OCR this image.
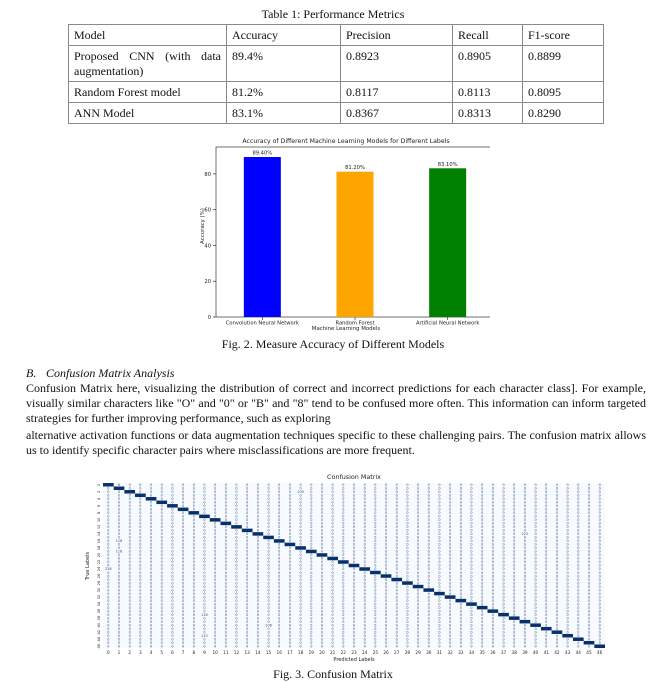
Table 1: Performance Metrics
Model	Accuracy	Precision	Recall	F1-score
Proposed CNN (with data augmentation)	89.4%	0.8923	0.8905	0.8899
Random Forest model	81.2%	0.8117	0.8113	0.8095
ANN Model	83.1%	0.8367	0.8313	0.8290
Accuracy of Different Machine Learning Models for Different Labels
Accuracy (%)
Machine Learning Models
0
20
40
60
80
89.40%
81.20%
83.10%
Convolution Neural Network	Random Forest	Artificial Neural Network
Fig. 2. Measure Accuracy of Different Models
B. Confusion Matrix Analysis
Confusion Matrix here, visualizing the distribution of correct and incorrect predictions for each character class]. For example, visually similar characters like "O" and "0" or "B" and "8" tend to be confused more often. This information can inform targeted strategies for further improving performance, such as exploring
alternative activation functions or data augmentation techniques specific to these challenging pairs. The confusion matrix allows us to identify specific character pairs where misclassifications are more frequent.
Confusion Matrix
True Labels
Predicted Labels
6	0	0	0	0	0	0	0	0	0	0	0	0	0	0	0	0	0	0	0	0	0	0	0	0	0	0	0	0	0	0	0	0	0	0	0	0	0	0	0	0	0	0	0	0	0
0	0	0	0	0	0	0	0	0	0	0	0	0	0	0	0	0	0	0	0	0	0	0	0	0	0	0	0	0	0	0	0	0	0	0	0	0	0	0	0	0	0	0	0	0	0
0	0	0	0	0	0	0	0	0	0	0	0	0	0	0	0	0 109 0	0	0	0	0	0	0	0	0	0	0	0	0	0	0	0	0	0	0	0	0	0	0	0	0	0	0	0
0	0	0	0	0	0	0	0	0	0	0	0	0	0	0	0	0	0	0	0	0	0	0	0	0	0	0	0	0	0	0	0	0	0	0	0	0	0	0	0	0	0	0	0	0	0
0	0	0	0	0	0	0	0	0	0	0	0	0	0	0	0	0	0	0	0	0	0	0	0	0	0	0	0	0	0	0	0	0	0	0	0	0	0	0	0	0	0	0	0	0	0
0	0	0	0	0	0	0	0	0	0	0	0	0	0	0	0	0	0	0	0	0	0	0	0	0	0	0	0	0	0	0	0	0	0	0	0	0	0	0	0	0	0	0	0	0	0
0	0	0	0	0	0	0	0	0	0	0	0	0	0	0	0	0	0	0	0	0	0	0	0	0	0	0	0	0	0	0	0	0	0	0	0	0	0	0	0	0	0	0	0	0	0
0	0	0	0	0	0	0	0	0	0	0	0	0	0	0	0	0	0	0	0	0	0	0	0	0	0	0	0	0	0	0	0	0	0	0	0	0	0	0	0	0	0	0	0	0	0
0	0	0	0	0	0	0	0	0	0	0	0	0	0	0	0	0	0	0	0	0	0	0	0	0	0	0	0	0	0	0	0	0	0	0	0	0	0	0	0	0	0	0	0	0	0
0	0	0	0	0	0	0	0	0	0	0	0	0	0	0	0	0	0	0	0	0	0	0	0	0	0	0	0	0	0	0	0	0	0	0	0	0	0	0	0	0	0	0	0	0	0
0	0	0	0	0	0	0	0	0	0	0	0	0	0	0	0	0	0	0	0	0	0	0	0	0	0	0	0	0	0	0	0	0	0	0	0	0	0	0	0	0	0	0	0	0	0
0	0	0	0	0	0	0	0	0	0	0	0	0	0	0	0	0	0	0	0	0	0	0	0	0	0	0	0	0	0	0	0	0	0	0	0	0	0	0	0	0	0	0	0	0	0
0	0	0	0	0	0	0	0	0	0	0	0	0	0	0	0	0	0	0	0	0	0	0	0	0	0	0	0	0	0	0	0	0	0	0	0	0	0	0	0	0	0	0	0	0	0
0	0	0	0	0	0	0	0	0	0	0	0	0	0	0	0	0	0	0	0	0	0	0	0	0	0	0	0	0	0	0	0	0	0	0	0	0	0	0	0	0	0	0	0	0	0
0	0	0	0	0	0	0	0	0	0	0	0	0	0	0	0	0	0	0	0	0	0	0	0	0	0	0	0	0	0	0	0	0	0	0	0	0	0 222 0	0	0	0	0	0	0
0	0	0	0	0	0	0	0	0	0	0	0	0	0	0	0	0	0	0	0	0	0	0	0	0	0	0	0	0	0	0	0	0	0	0	0	0	0	0	0	0	0	0	0	0	0
0 116 0	0	0	0	0	0	0	0	0	0	0	0	0	0	0	0	0	0	0	0	0	0	0	0	0	0	0	0	0	0	0	0	0	0	0	0	0	0	0	0	0	0	0	0
0	0	0	0	0	0	0	0	0	0	0	0	0	0	0	0	0	0	0	0	0	0	0	0	0	0	0	0	0	0	0	0	0	0	0	0	0	0	0	0	0	0	0	0	0	0
0	0	0	0	0	0	0	0	0	0	0	0	0	0	0	0	0	0	0	0	0	0	0	0	0	0	0	0	0	0	0	0	0	0	0	0	0	0	0	0	0	0	0	0	0	0
0 118 0	0	0	0	0	0	0	0	0	0	0	0	0	0	0	0	0	0	0	0	0	0	0	0	0	0	0	0	0	0	0	0	0	0	0	0	0	0	0	0	0	0	0	0
0	0	0	0	0	0	0	0	0	0	0	0	0	0	0	0	0	0	0	0	0	0	0	0	0	0	0	0	0	0	0	0	0	0	0	0	0	0	0	0	0	0	0	0	0	0
0	0	0	0	0	0	0	0	0	0	0	0	0	0	0	0	0	0	0	0	0	0	0	0	0	0	0	0	0	0	0	0	0	0	0	0	0	0	0	0	0	0	0	0	0	0
0	0	0	0	0	0	0	0	0	0	0	0	0	0	0	0	0	0	0	0	0	0	0	0	0	0	0	0	0	0	0	0	0	0	0	0	0	0	0	0	0	0	0	0	0	0
0	0	0	0	0	0	0	0	0	0	0	0	0	0	0	0	0	0	0	0	0	0	0	0	0	0	0	0	0	0	0	0	0	0	0	0	0	0	0	0	0	0	0	0	0	0
226 0	0	0	0	0	0	0	0	0	0	0	0	0	0	0	0	0	0	0	0	0	0	0	0	0	0	0	0	0	0	0	0	0	0	0	0	0	0	0	0	0	0	0	0	0
0	0	0	0	0	0	0	0	0	0	0	0	0	0	0	0	0	0	0	0	0	0	0	0	0	0	0	0	0	0	0	0	0	0	0	0	0	0	0	0	0	0	0	0	0	0
0	0	0	0	0	0	0	0	0	0	0	0	0	0	0	0	0	0	0	0	0	0	0	0	0	0	0	0	0	0	0	0	0	0	0	0	0	0	0	0	0	0	0	0	0	0
0	0	0	0	0	0	0	0	0	0	0	0	0	0	0	0	0	0	0	0	0	0	0	0	0	0	0	0	0	0	0	0	0	0	0	0	0	0	0	0	0	0	0	0	0	0
0	0	0	0	0	0	0	0	0	0	0	0	0	0	0	0	0	0	0	0	0	0	0	0	0	0	0	0	0	0	0	0	0	0	0	0	0	0	0	0	0	0	0	0	0	0
0	0	0	0	0	0	0	0	0	0	0	0	0	0	0	0	0	0	0	0	0	0	0	0	0	0	0	0	0	0	0	0	0	0	0	0	0	0	0	0	0	0	0	0	0	0
0	0	0	0	0	0	0	0	0	0	0	0	0	0	0	0	0	0	0	0	0	0	0	0	0	0	0	0	0	0	0	0	0	0	0	0	0	0	0	0	0	0	0	0	0	0
0	0	0	0	0	0	0	0	0	0	0	0	0	0	0	0	0	0	0	0	0	0	0	0	0	0	0	0	0	0	0	0	0	0	0	0	0	0	0	0	0	0	0	0	0	0
0	0	0	0	0	0	0	0	0	0	0	0	0	0	0	0	0	0	0	0	0	0	0	0	0	0	0	0	0	0	0	0	0	0	0	0	0	0	0	0	0	0	0	0	0	0
0	0	0	0	0	0	0	0	0	0	0	0	0	0	0	0	0	0	0	0	0	0	0	0	0	0	0	0	0	0	0	0	0	0	0	0	0	0	0	0	0	0	0	0	0	0
0	0	0	0	0	0	0	0	0	0	0	0	0	0	0	0	0	0	0	0	0	0	0	0	0	0	0	0	0	0	0	0	0	0	0	0	0	0	0	0	0	0	0	0	0	0
0	0	0	0	0	0	0	0	0	0	0	0	0	0	0	0	0	0	0	0	0	0	0	0	0	0	0	0	0	0	0	0	0	0	0	0	0	0	0	0	0	0	0	0	0	0
0	0	0	0	0	0	0	0	0	0	0	0	0	0	0	0	0	0	0	0	0	0	0	0	0	0	0	0	0	0	0	0	0	0	0	0	0	0	0	0	0	0	0	0	0	0
0	0	0	0	0	0	0	0	0 118 0	0	0	0	0	0	0	0	0	0	0	0	0	0	0	0	0	0	0	0	0	0	0	0	0	0	0	0	0	0	0	0	0	0	0	0
0	0	0	0	0	0	0	0	0	0	0	0	0	0	0	0	0	0	0	0	0	0	0	0	0	0	0	0	0	0	0	0	0	0	0	0	0	0	0	0	0	0	0	0	0	0
0	0	0	0	0	0	0	0	0	0	0	0	0	0	0	0	0	0	0	0	0	0	0	0	0	0	0	0	0	0	0	0	0	0	0	0	0	0	0	0	0	0	0	0	0	0
0	0	0	0	0	0	0	0	0	0	0	0	0	0	0 108 0	0	0	0	0	0	0	0	0	0	0	0	0	0	0	0	0	0	0	0	0	0	0	0	0	0	0	0	0	0
0	0	0	0	0	0	0	0	0	0	0	0	0	0	0	0	0	0	0	0	0	0	0	0	0	0	0	0	0	0	0	0	0	0	0	0	0	0	0	0	0	0	0	0	0	0
0	0	0	0	0	0	0	0	0	0	0	0	0	0	0	0	0	0	0	0	0	0	0	0	0	0	0	0	0	0	0	0	0	0	0	0	0	0	0	0	0	0	0	0	0	0
0	0	0	0	0	0	0	0	0 110 0	0	0	0	0	0	0	0	0	0	0	0	0	0	0	0	0	0	0	0	0	0	0	0	0	0	0	0	0	0	0	0	0	0	0	0
0	0	0	0	0	0	0	0	0	0	0	0	0	0	0	0	0	0	0	0	0	0	0	0	0	0	0	0	0	0	0	0	0	0	0	0	0	0	0	0	0	0	0	0	0	0
0	0	0	0	0	0	0	0	0	0	0	0	0	0	0	0	0	0	0	0	0	0	0	0	0	0	0	0	0	0	0	0	0	0	0	0	0	0	0	0	0	0	0	0	0	0
0	0	0	0	0	0	0	0	0	0	0	0	0	0	0	0	0	0	0	0	0	0	0	0	0	0	0	0	0	0	0	0	0	0	0	0	0	0	0	0	0	0	0	0	0	0
0 1 2 3 4 5 6 7 8 9 10 11 12 13 14 15 16 17 18 19 20 21 22 23 24 25 26 27 28 29 30 31 32 33 34 35 36 37 38 39 40 41 42 43 44 45 46
0
2
4
6
8
10
12
14
16
18
20
22
24
26
28
30
32
34
36
38
40
42
44
46
Fig. 3. Confusion Matrix
